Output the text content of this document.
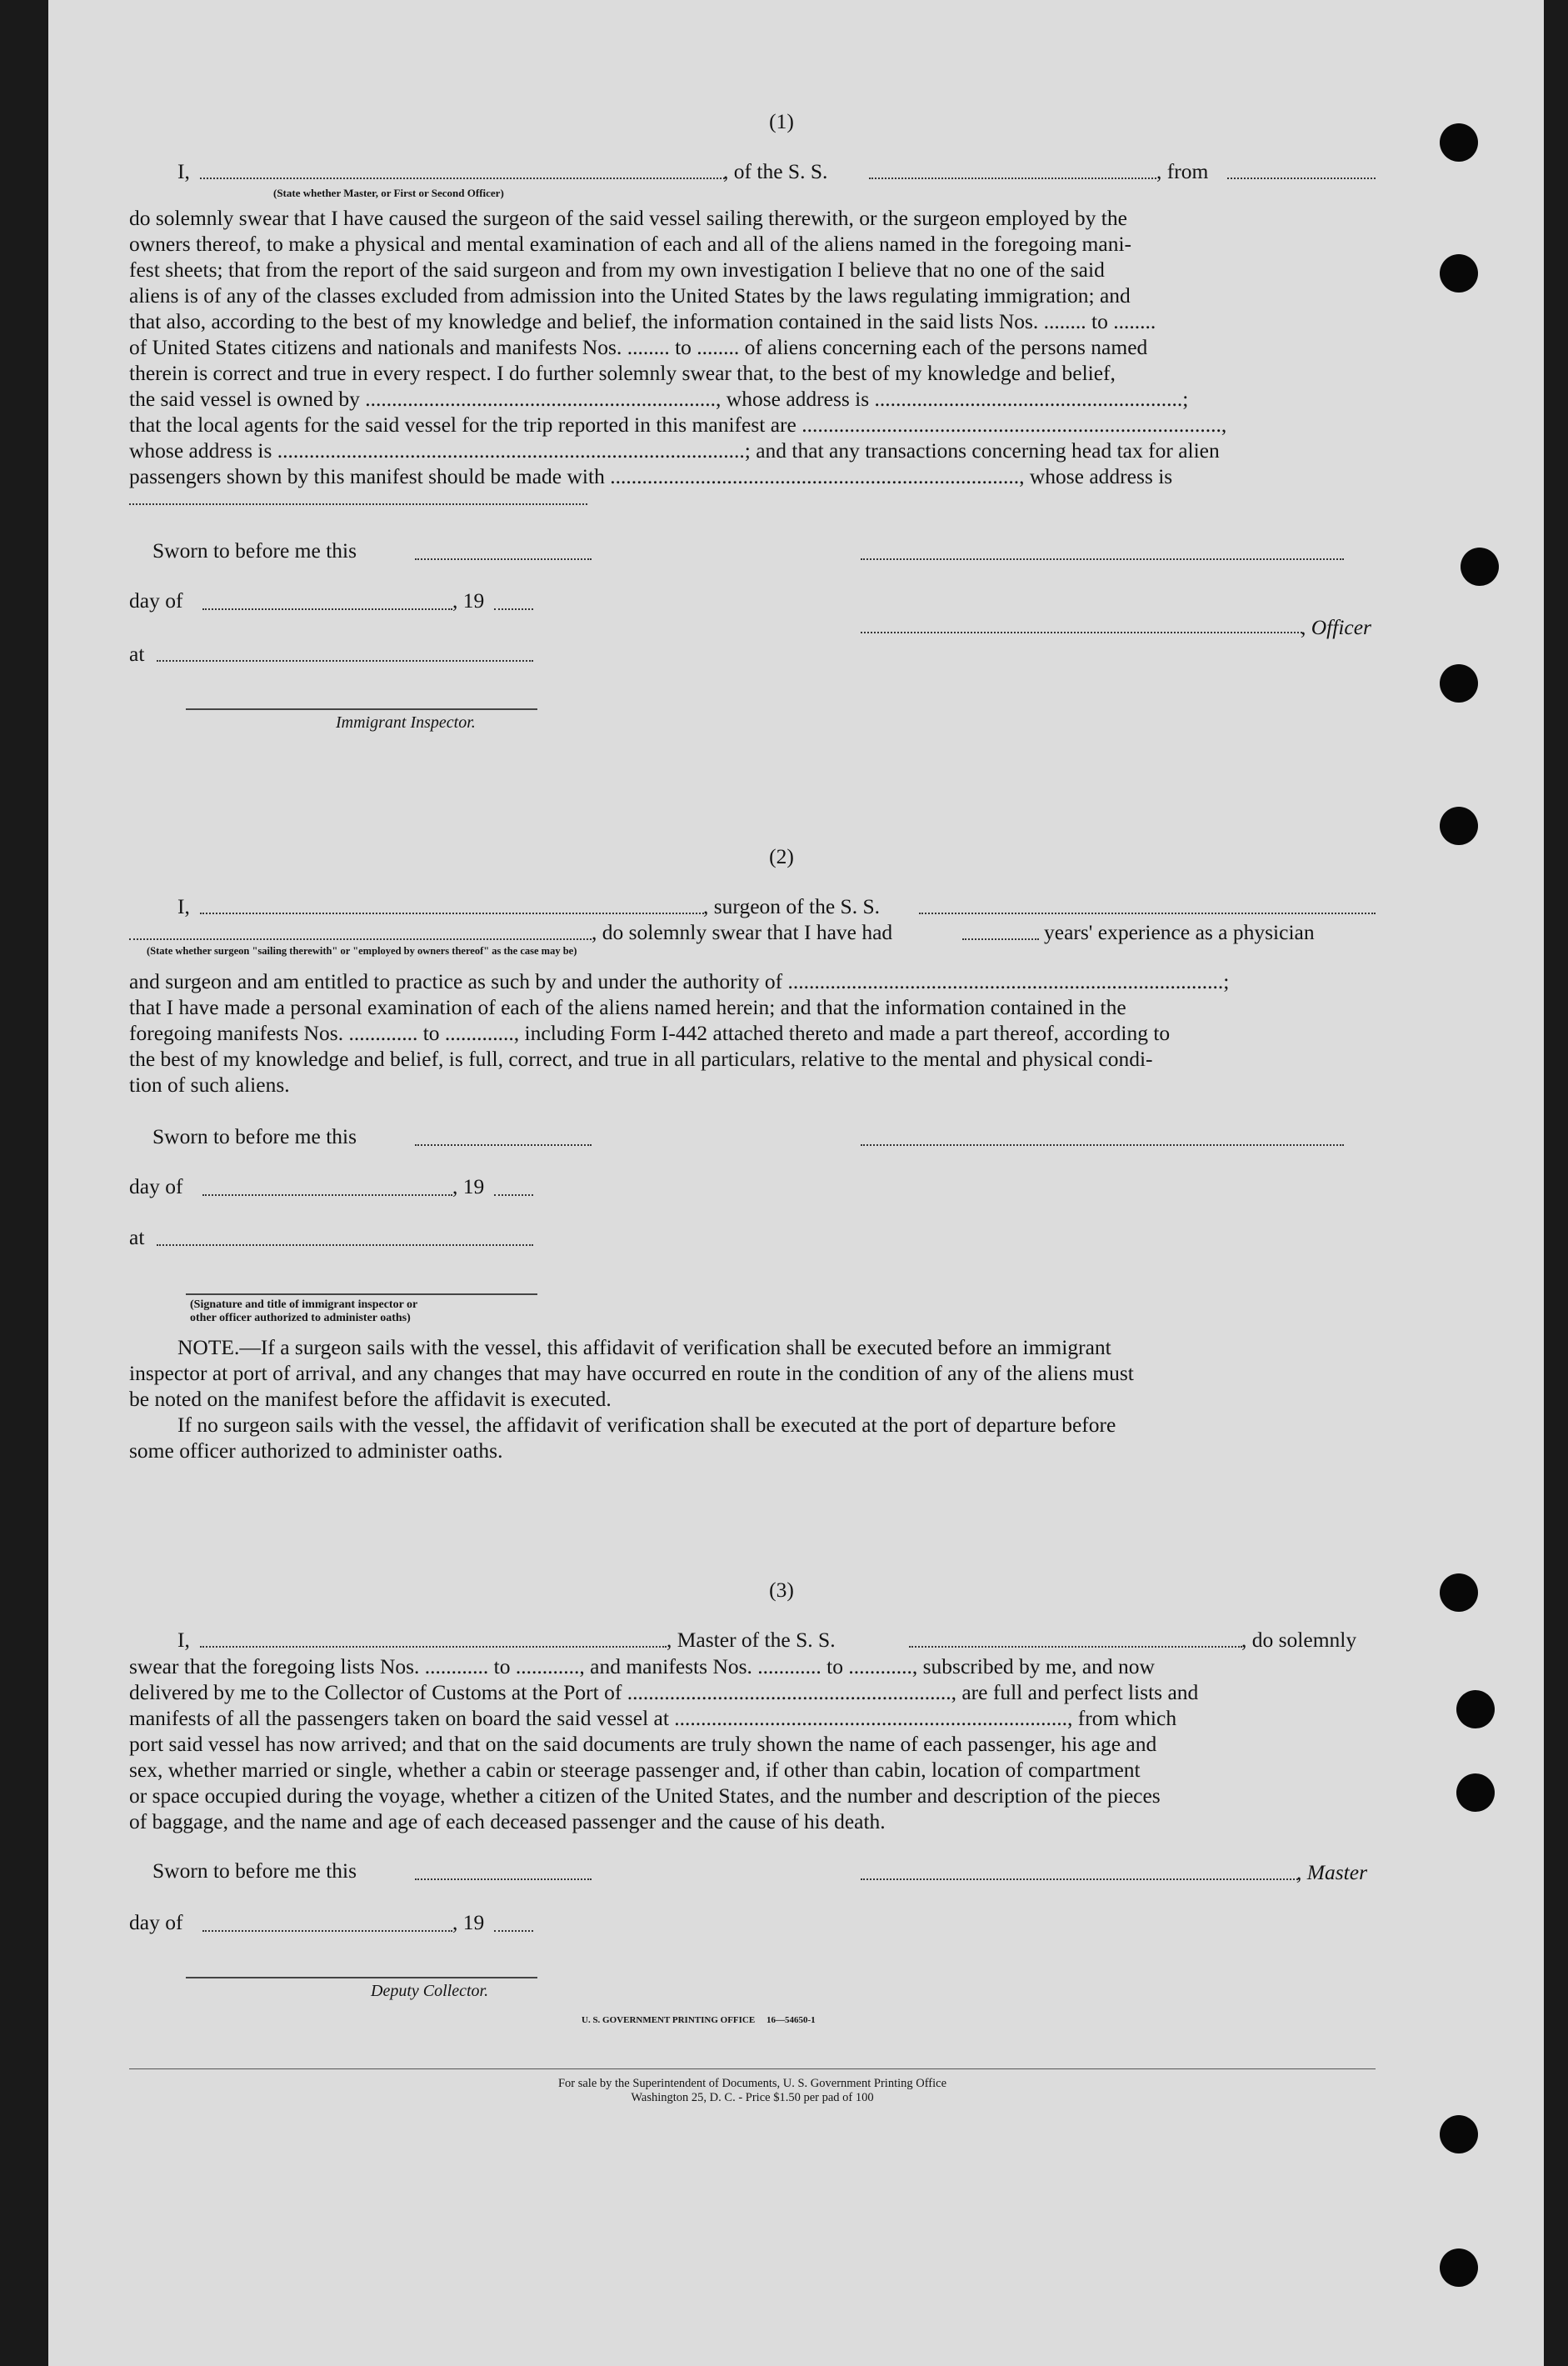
(1)
I,	, of the S. S.	, from
(State whether Master, or First or Second Officer)
do solemnly swear that I have caused the surgeon of the said vessel sailing therewith, or the surgeon employed by the
owners thereof, to make a physical and mental examination of each and all of the aliens named in the foregoing mani-
fest sheets; that from the report of the said surgeon and from my own investigation I believe that no one of the said
aliens is of any of the classes excluded from admission into the United States by the laws regulating immigration; and
that also, according to the best of my knowledge and belief, the information contained in the said lists Nos. ........ to ........
of United States citizens and nationals and manifests Nos. ........ to ........ of aliens concerning each of the persons named
therein is correct and true in every respect. I do further solemnly swear that, to the best of my knowledge and belief,
the said vessel is owned by .................................................................., whose address is ..........................................................;
that the local agents for the said vessel for the trip reported in this manifest are ...............................................................................,
whose address is ........................................................................................; and that any transactions concerning head tax for alien
passengers shown by this manifest should be made with ............................................................................., whose address is
Sworn to before me this
day of	, 19
, Officer
at
Immigrant Inspector.
(2)
I,	, surgeon of the S. S.
, do solemnly swear that I have had	years' experience as a physician
(State whether surgeon "sailing therewith" or "employed by owners thereof" as the case may be)
and surgeon and am entitled to practice as such by and under the authority of ..................................................................................;
that I have made a personal examination of each of the aliens named herein; and that the information contained in the
foregoing manifests Nos. ............. to ............., including Form I-442 attached thereto and made a part thereof, according to
the best of my knowledge and belief, is full, correct, and true in all particulars, relative to the mental and physical condi-
tion of such aliens.
Sworn to before me this
day of	, 19
at
(Signature and title of immigrant inspector or
other officer authorized to administer oaths)
NOTE.—If a surgeon sails with the vessel, this affidavit of verification shall be executed before an immigrant
inspector at port of arrival, and any changes that may have occurred en route in the condition of any of the aliens must
be noted on the manifest before the affidavit is executed.
If no surgeon sails with the vessel, the affidavit of verification shall be executed at the port of departure before
some officer authorized to administer oaths.
(3)
I,	, Master of the S. S.	, do solemnly
swear that the foregoing lists Nos. ............ to ............, and manifests Nos. ............ to ............, subscribed by me, and now
delivered by me to the Collector of Customs at the Port of ............................................................., are full and perfect lists and
manifests of all the passengers taken on board the said vessel at .........................................................................., from which
port said vessel has now arrived; and that on the said documents are truly shown the name of each passenger, his age and
sex, whether married or single, whether a cabin or steerage passenger and, if other than cabin, location of compartment
or space occupied during the voyage, whether a citizen of the United States, and the number and description of the pieces
of baggage, and the name and age of each deceased passenger and the cause of his death.
Sworn to before me this	, Master
day of	, 19
Deputy Collector.
U. S. GOVERNMENT PRINTING OFFICE     16—54650-1
For sale by the Superintendent of Documents, U. S. Government Printing Office
Washington 25, D. C. - Price $1.50 per pad of 100
